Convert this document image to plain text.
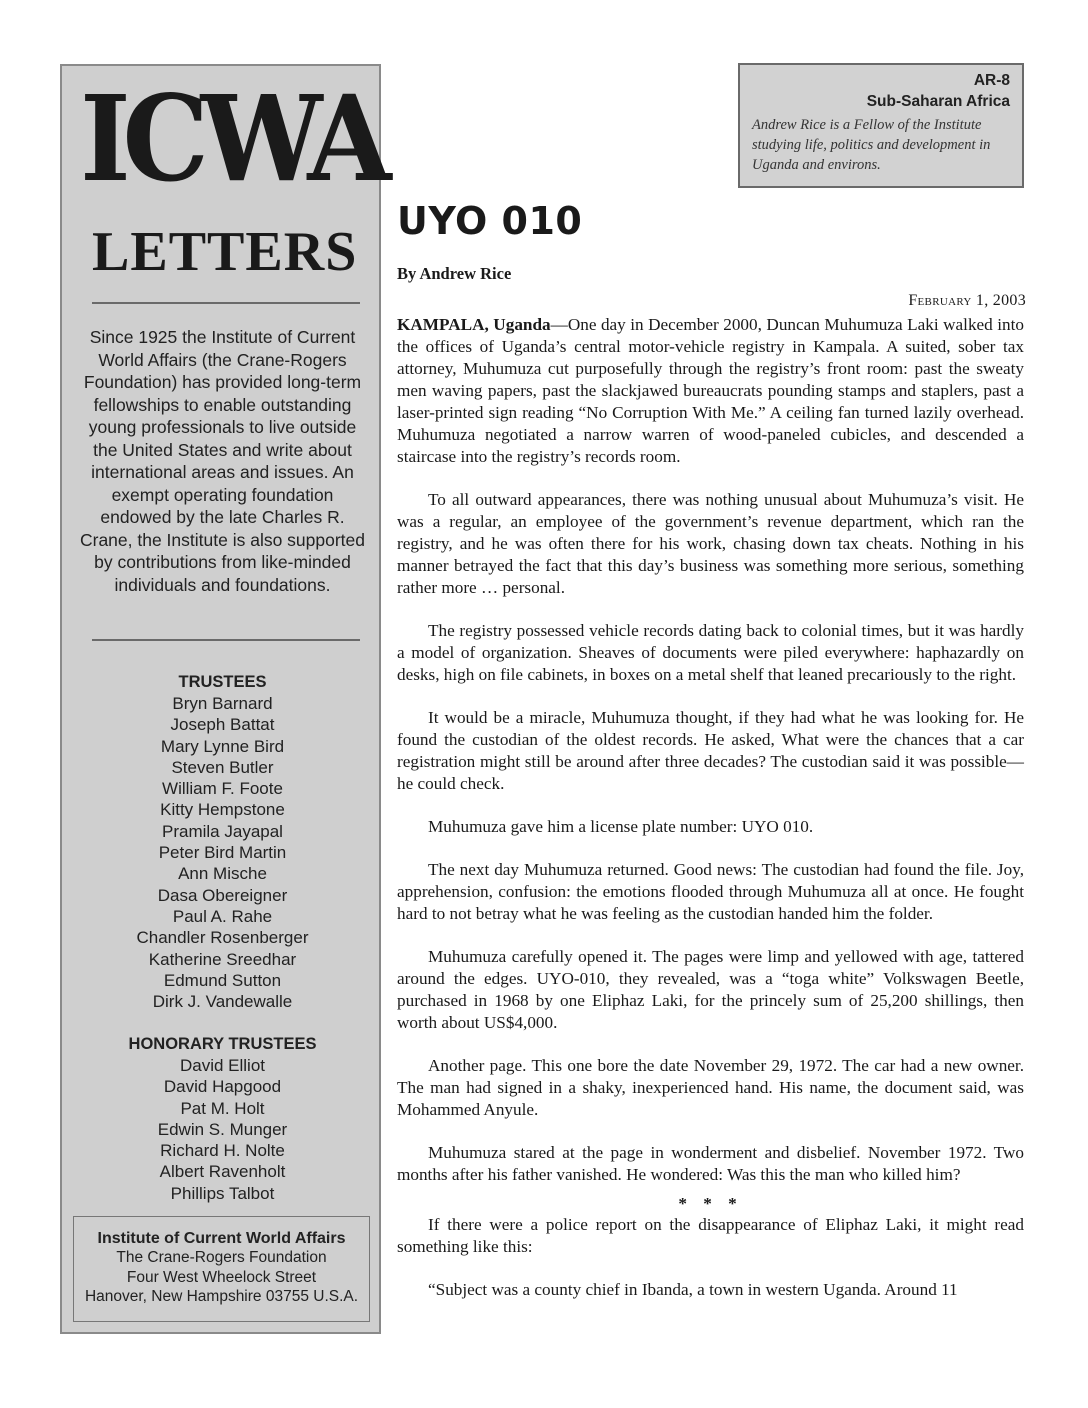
ICWA
LETTERS
Since 1925 the Institute of Current World Affairs (the Crane-Rogers Foundation) has provided long-term fellowships to enable outstanding young professionals to live outside the United States and write about international areas and issues. An exempt operating foundation endowed by the late Charles R. Crane, the Institute is also supported by contributions from like-minded individuals and foundations.
TRUSTEES
Bryn Barnard
Joseph Battat
Mary Lynne Bird
Steven Butler
William F. Foote
Kitty Hempstone
Pramila Jayapal
Peter Bird Martin
Ann Mische
Dasa Obereigner
Paul A. Rahe
Chandler Rosenberger
Katherine Sreedhar
Edmund Sutton
Dirk J. Vandewalle
HONORARY TRUSTEES
David Elliot
David Hapgood
Pat M. Holt
Edwin S. Munger
Richard H. Nolte
Albert Ravenholt
Phillips Talbot
Institute of Current World Affairs
The Crane-Rogers Foundation
Four West Wheelock Street
Hanover, New Hampshire 03755 U.S.A.
AR-8
Sub-Saharan Africa
Andrew Rice is a Fellow of the Institute studying life, politics and development in Uganda and environs.
UYO 010
By Andrew Rice
February 1, 2003

KAMPALA, Uganda—One day in December 2000, Duncan Muhumuza Laki walked into the offices of Uganda’s central motor-vehicle registry in Kampala. A suited, sober tax attorney, Muhumuza cut purposefully through the registry’s front room: past the sweaty men waving papers, past the slackjawed bureaucrats pounding stamps and staplers, past a laser-printed sign reading “No Corruption With Me.” A ceiling fan turned lazily overhead. Muhumuza negotiated a narrow warren of wood-paneled cubicles, and descended a staircase into the registry’s records room.

To all outward appearances, there was nothing unusual about Muhumuza’s visit. He was a regular, an employee of the government’s revenue department, which ran the registry, and he was often there for his work, chasing down tax cheats. Nothing in his manner betrayed the fact that this day’s business was something more serious, something rather more … personal.

The registry possessed vehicle records dating back to colonial times, but it was hardly a model of organization. Sheaves of documents were piled everywhere: haphazardly on desks, high on file cabinets, in boxes on a metal shelf that leaned precariously to the right.

It would be a miracle, Muhumuza thought, if they had what he was looking for. He found the custodian of the oldest records. He asked, What were the chances that a car registration might still be around after three decades? The custodian said it was possible—he could check.

Muhumuza gave him a license plate number: UYO 010.

The next day Muhumuza returned. Good news: The custodian had found the file. Joy, apprehension, confusion: the emotions flooded through Muhumuza all at once. He fought hard to not betray what he was feeling as the custodian handed him the folder.

Muhumuza carefully opened it. The pages were limp and yellowed with age, tattered around the edges. UYO-010, they revealed, was a “toga white” Volkswagen Beetle, purchased in 1968 by one Eliphaz Laki, for the princely sum of 25,200 shillings, then worth about US$4,000.

Another page. This one bore the date November 29, 1972. The car had a new owner. The man had signed in a shaky, inexperienced hand. His name, the document said, was Mohammed Anyule.

Muhumuza stared at the page in wonderment and disbelief. November 1972. Two months after his father vanished. He wondered: Was this the man who killed him?

* * *

If there were a police report on the disappearance of Eliphaz Laki, it might read something like this:

“Subject was a county chief in Ibanda, a town in western Uganda. Around 11
